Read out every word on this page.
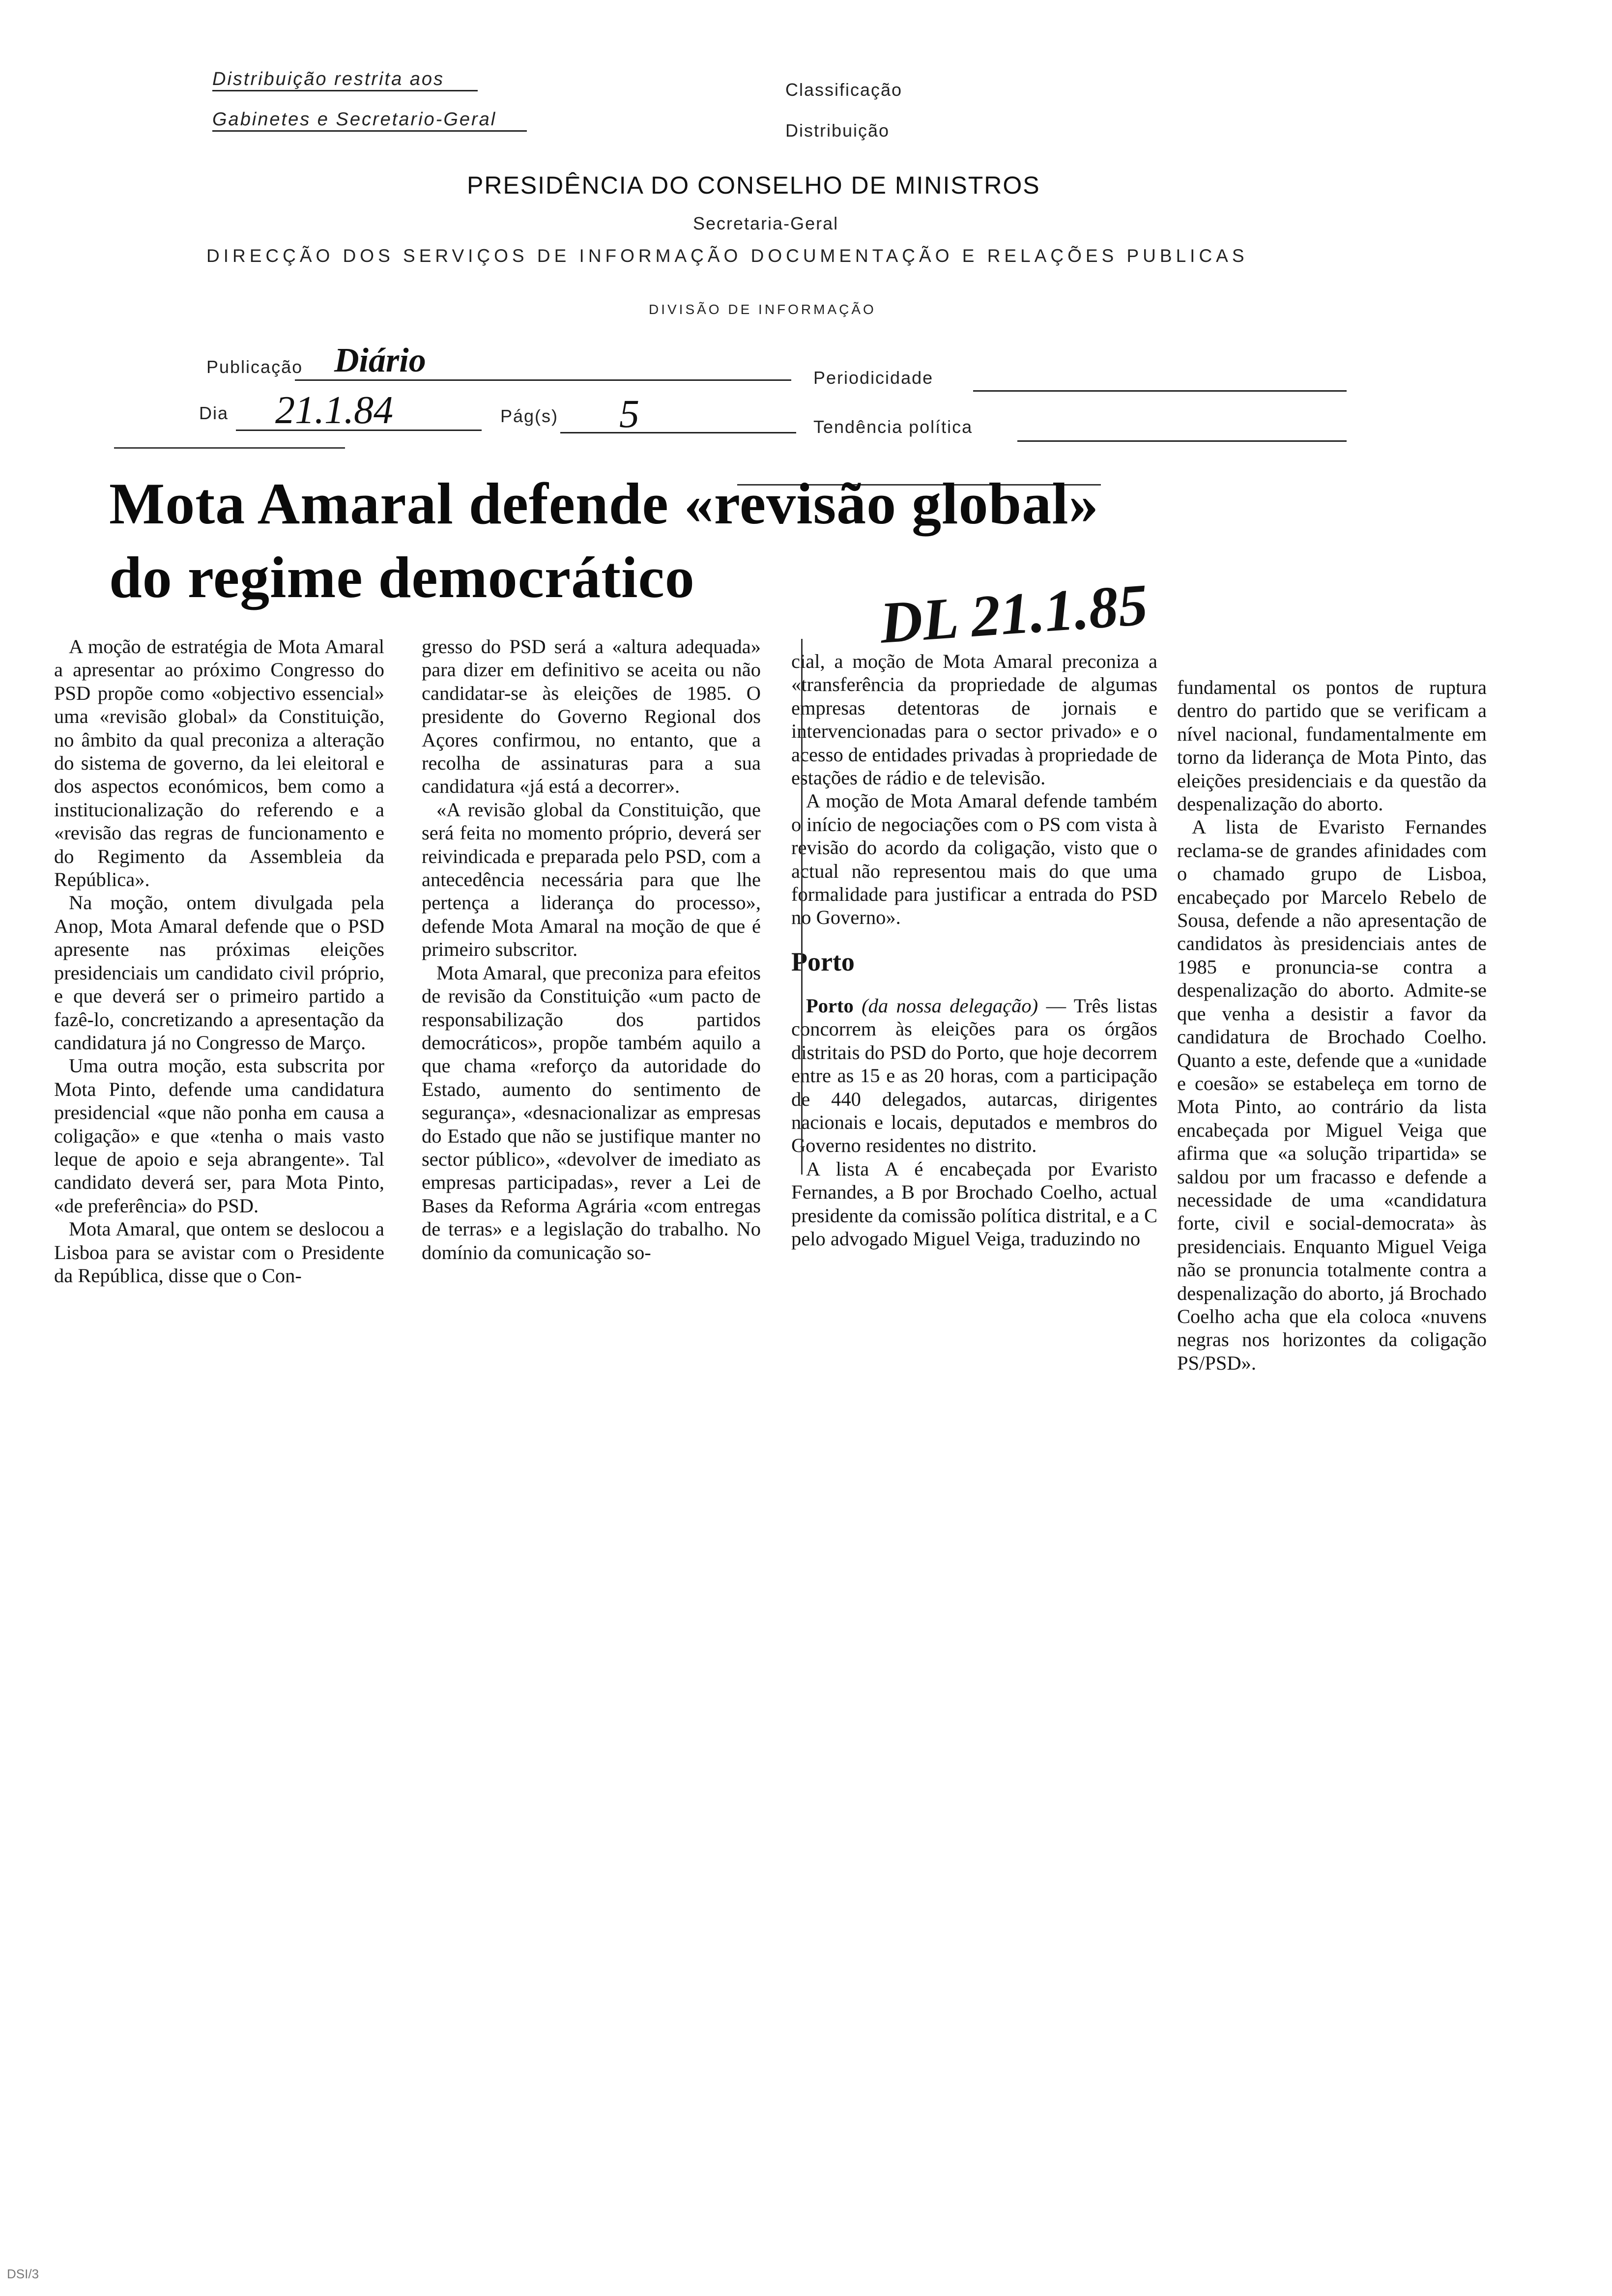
Distribuição restrita aos
Gabinetes e Secretario-Geral
Classificação
Distribuição
PRESIDÊNCIA DO CONSELHO DE MINISTROS
Secretaria-Geral
DIRECÇÃO DOS SERVIÇOS DE INFORMAÇÃO DOCUMENTAÇÃO E RELAÇÕES PUBLICAS
DIVISÃO DE INFORMAÇÃO
Publicação Diário	Periodicidade
Dia 21.1.84	Pág(s) 5	Tendência política
Mota Amaral defende «revisão global»
do regime democrático	DL 21.1.85

A moção de estratégia de Mota Amaral a apresentar ao próximo Congresso do PSD propõe como «objectivo essencial» uma «revisão global» da Constituição, no âmbito da qual preconiza a alteração do sistema de governo, da lei eleitoral e dos aspectos económicos, bem como a institucionalização do referendo e a «revisão das regras de funcionamento e do Regimento da Assembleia da República».

Na moção, ontem divulgada pela Anop, Mota Amaral defende que o PSD apresente nas próximas eleições presidenciais um candidato civil próprio, e que deverá ser o primeiro partido a fazê-lo, concretizando a apresentação da candidatura já no Congresso de Março.

Uma outra moção, esta subscrita por Mota Pinto, defende uma candidatura presidencial «que não ponha em causa a coligação» e que «tenha o mais vasto leque de apoio e seja abrangente». Tal candidato deverá ser, para Mota Pinto, «de preferência» do PSD.

Mota Amaral, que ontem se deslocou a Lisboa para se avistar com o Presidente da República, disse que o Con-

gresso do PSD será a «altura adequada» para dizer em definitivo se aceita ou não candidatar-se às eleições de 1985. O presidente do Governo Regional dos Açores confirmou, no entanto, que a recolha de assinaturas para a sua candidatura «já está a decorrer».

«A revisão global da Constituição, que será feita no momento próprio, deverá ser reivindicada e preparada pelo PSD, com a antecedência necessária para que lhe pertença a liderança do processo», defende Mota Amaral na moção de que é primeiro subscritor.

Mota Amaral, que preconiza para efeitos de revisão da Constituição «um pacto de responsabilização dos partidos democráticos», propõe também aquilo a que chama «reforço da autoridade do Estado, aumento do sentimento de segurança», «desnacionalizar as empresas do Estado que não se justifique manter no sector público», «devolver de imediato as empresas participadas», rever a Lei de Bases da Reforma Agrária «com entregas de terras» e a legislação do trabalho. No domínio da comunicação so-

cial, a moção de Mota Amaral preconiza a «transferência da propriedade de algumas empresas detentoras de jornais e intervencionadas para o sector privado» e o acesso de entidades privadas à propriedade de estações de rádio e de televisão.

A moção de Mota Amaral defende também o início de negociações com o PS com vista à revisão do acordo da coligação, visto que o actual não representou mais do que uma formalidade para justificar a entrada do PSD no Governo».

Porto

Porto (da nossa delegação) — Três listas concorrem às eleições para os órgãos distritais do PSD do Porto, que hoje decorrem entre as 15 e as 20 horas, com a participação de 440 delegados, autarcas, dirigentes nacionais e locais, deputados e membros do Governo residentes no distrito.

A lista A é encabeçada por Evaristo Fernandes, a B por Brochado Coelho, actual presidente da comissão política distrital, e a C pelo advogado Miguel Veiga, traduzindo no

fundamental os pontos de ruptura dentro do partido que se verificam a nível nacional, fundamentalmente em torno da liderança de Mota Pinto, das eleições presidenciais e da questão da despenalização do aborto.

A lista de Evaristo Fernandes reclama-se de grandes afinidades com o chamado grupo de Lisboa, encabeçado por Marcelo Rebelo de Sousa, defende a não apresentação de candidatos às presidenciais antes de 1985 e pronuncia-se contra a despenalização do aborto. Admite-se que venha a desistir a favor da candidatura de Brochado Coelho. Quanto a este, defende que a «unidade e coesão» se estabeleça em torno de Mota Pinto, ao contrário da lista encabeçada por Miguel Veiga que afirma que «a solução tripartida» se saldou por um fracasso e defende a necessidade de uma «candidatura forte, civil e social-democrata» às presidenciais. Enquanto Miguel Veiga não se pronuncia totalmente contra a despenalização do aborto, já Brochado Coelho acha que ela coloca «nuvens negras nos horizontes da coligação PS/PSD».

DSI/3
